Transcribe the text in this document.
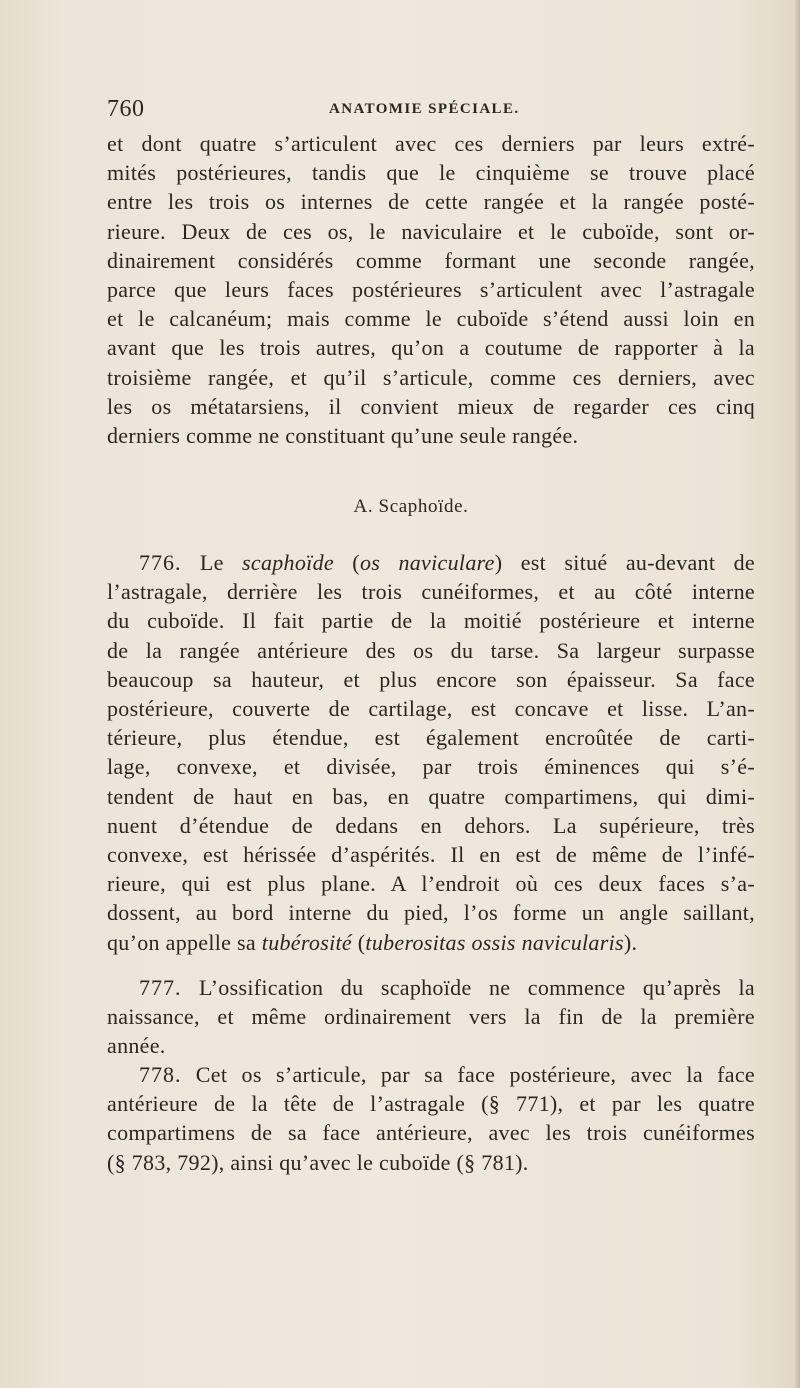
760	ANATOMIE SPÉCIALE.
et dont quatre s’articulent avec ces derniers par leurs extré-
mités postérieures, tandis que le cinquième se trouve placé
entre les trois os internes de cette rangée et la rangée posté-
rieure. Deux de ces os, le naviculaire et le cuboïde, sont or-
dinairement considérés comme formant une seconde rangée,
parce que leurs faces postérieures s’articulent avec l’astragale
et le calcanéum; mais comme le cuboïde s’étend aussi loin en
avant que les trois autres, qu’on a coutume de rapporter à la
troisième rangée, et qu’il s’articule, comme ces derniers, avec
les os métatarsiens, il convient mieux de regarder ces cinq
derniers comme ne constituant qu’une seule rangée.
A. Scaphoïde.
776. Le scaphoïde (os naviculare) est situé au-devant de
l’astragale, derrière les trois cunéiformes, et au côté interne
du cuboïde. Il fait partie de la moitié postérieure et interne
de la rangée antérieure des os du tarse. Sa largeur surpasse
beaucoup sa hauteur, et plus encore son épaisseur. Sa face
postérieure, couverte de cartilage, est concave et lisse. L’an-
térieure, plus étendue, est également encroûtée de carti-
lage, convexe, et divisée, par trois éminences qui s’é-
tendent de haut en bas, en quatre compartimens, qui dimi-
nuent d’étendue de dedans en dehors. La supérieure, très
convexe, est hérissée d’aspérités. Il en est de même de l’infé-
rieure, qui est plus plane. A l’endroit où ces deux faces s’a-
dossent, au bord interne du pied, l’os forme un angle saillant,
qu’on appelle sa tubérosité (tuberositas ossis navicularis).
777. L’ossification du scaphoïde ne commence qu’après la
naissance, et même ordinairement vers la fin de la première
année.
778. Cet os s’articule, par sa face postérieure, avec la face
antérieure de la tête de l’astragale (§ 771), et par les quatre
compartimens de sa face antérieure, avec les trois cunéiformes
(§ 783, 792), ainsi qu’avec le cuboïde (§ 781).
